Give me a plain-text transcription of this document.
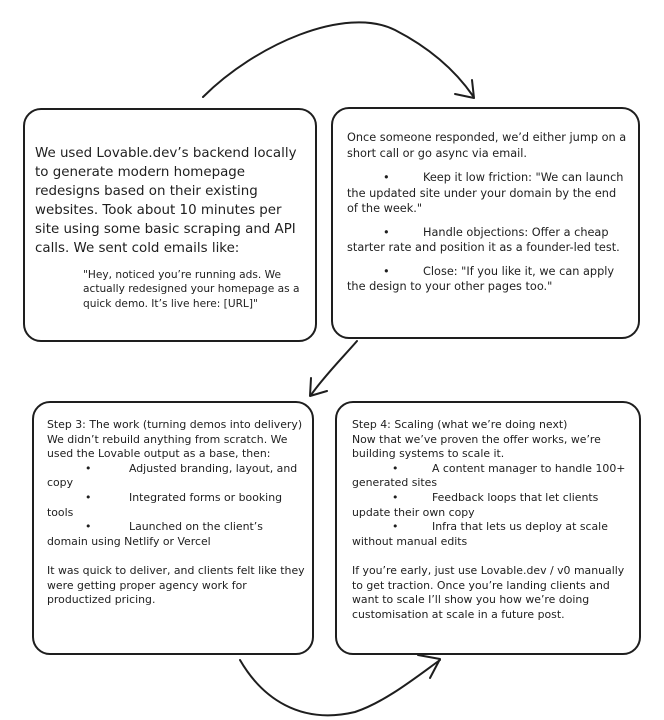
We used Lovable.dev’s backend locally to generate modern homepage redesigns based on their existing websites. Took about 10 minutes per site using some basic scraping and API calls. We sent cold emails like:

"Hey, noticed you’re running ads. We actually redesigned your homepage as a quick demo. It’s live here: [URL]"

Once someone responded, we’d either jump on a short call or go async via email.

•	Keep it low friction: "We can launch the updated site under your domain by the end of the week."

•	Handle objections: Offer a cheap starter rate and position it as a founder-led test.

•	Close: "If you like it, we can apply the design to your other pages too."

Step 3: The work (turning demos into delivery)

We didn’t rebuild anything from scratch. We used the Lovable output as a base, then:

•	Adjusted branding, layout, and copy

•	Integrated forms or booking tools

•	Launched on the client’s domain using Netlify or Vercel

It was quick to deliver, and clients felt like they were getting proper agency work for productized pricing.

Step 4: Scaling (what we’re doing next)

Now that we’ve proven the offer works, we’re building systems to scale it.

•	A content manager to handle 100+ generated sites

•	Feedback loops that let clients update their own copy

•	Infra that lets us deploy at scale without manual edits

If you’re early, just use Lovable.dev / v0 manually to get traction. Once you’re landing clients and want to scale I’ll show you how we’re doing customisation at scale in a future post.
